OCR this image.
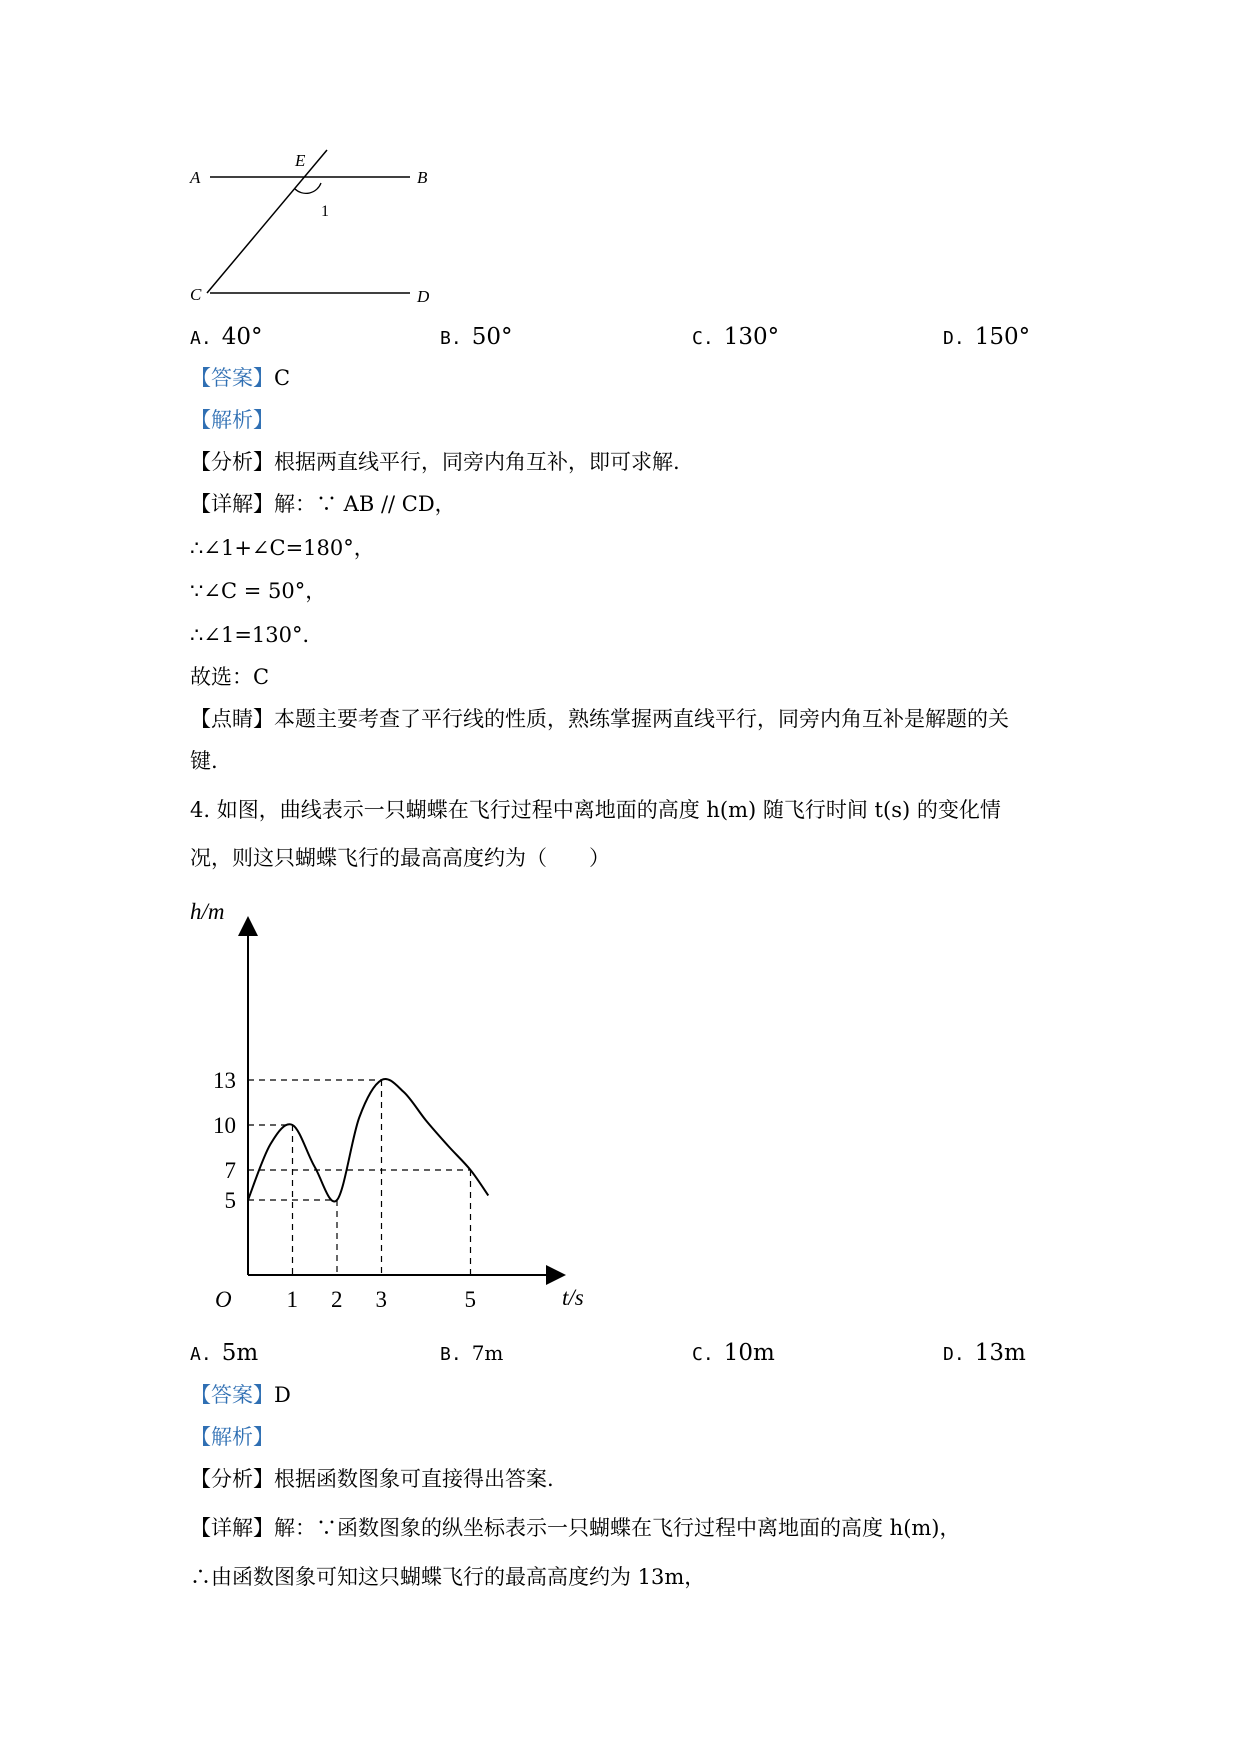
A	B
C	D
E
1
A. 40°	B. 50°	C. 130°	D. 150°
【答案】C
【解析】
【分析】根据两直线平行，同旁内角互补，即可求解.
【详解】解：∵ AB // CD，
∴∠1+∠C=180°，
∵∠C = 50°，
∴∠1=130°．
故选：C
【点睛】本题主要考查了平行线的性质，熟练掌握两直线平行，同旁内角互补是解题的关
键.
4. 如图，曲线表示一只蝴蝶在飞行过程中离地面的高度 h(m) 随飞行时间 t(s) 的变化情
况，则这只蝴蝶飞行的最高高度约为（　　）
1 2 3	5
5
7
10
13
h/m
t/s
O
A. 5m	B. 7m	C. 10m	D. 13m
【答案】D
【解析】
【分析】根据函数图象可直接得出答案.
【详解】解：∵函数图象的纵坐标表示一只蝴蝶在飞行过程中离地面的高度 h(m)，
∴由函数图象可知这只蝴蝶飞行的最高高度约为 13m，
